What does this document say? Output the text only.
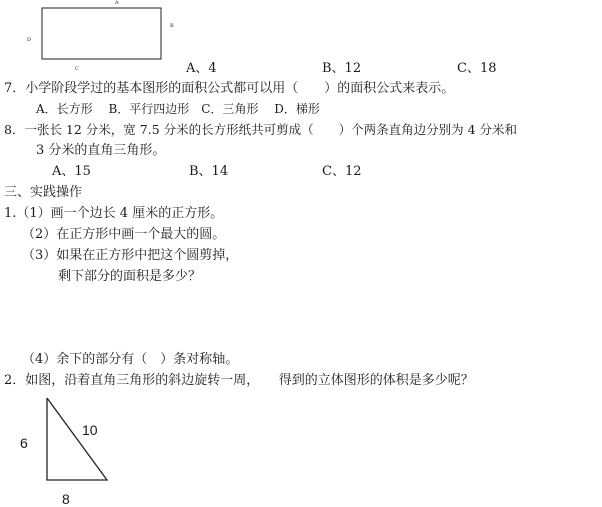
A
B
C
D
A、4	B、12	C、18
7．小学阶段学过的基本图形的面积公式都可以用（　　）的面积公式来表示。
A．长方形　 B．平行四边形　C．三角形　 D．梯形
8．一张长 12 分米，宽 7.5 分米的长方形纸共可剪成（　　）个两条直角边分别为 4 分米和
3 分米的直角三角形。
A、15	B、14	C、12
三、实践操作
1.（1）画一个边长 4 厘米的正方形。
（2）在正方形中画一个最大的圆。
（3）如果在正方形中把这个圆剪掉，
剩下部分的面积是多少？
（4）余下的部分有（　）条对称轴。
2．如图，沿着直角三角形的斜边旋转一周，　　得到的立体图形的体积是多少呢？
6
10
8
